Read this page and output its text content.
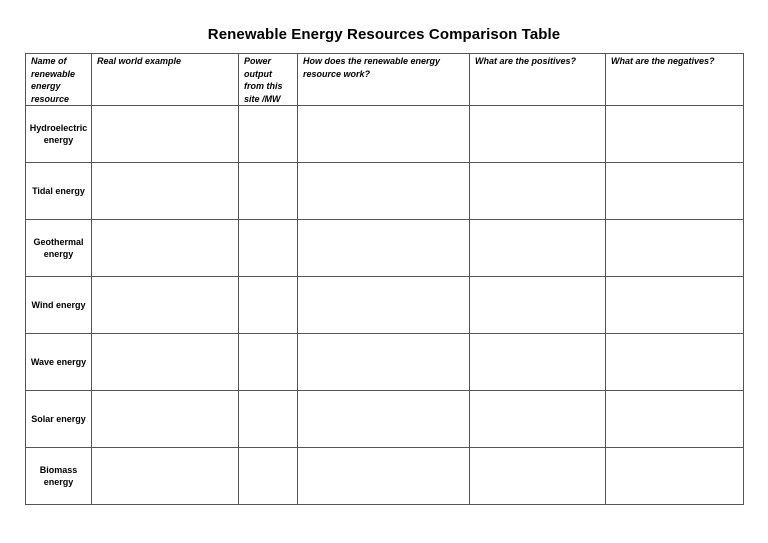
Renewable Energy Resources Comparison Table
Name of renewable energy resource	Real world example	Power output from this site /MW	How does the renewable energy resource work?	What are the positives?	What are the negatives?
Hydroelectric energy					
Tidal energy					
Geothermal energy					
Wind energy					
Wave energy					
Solar energy					
Biomass energy					
